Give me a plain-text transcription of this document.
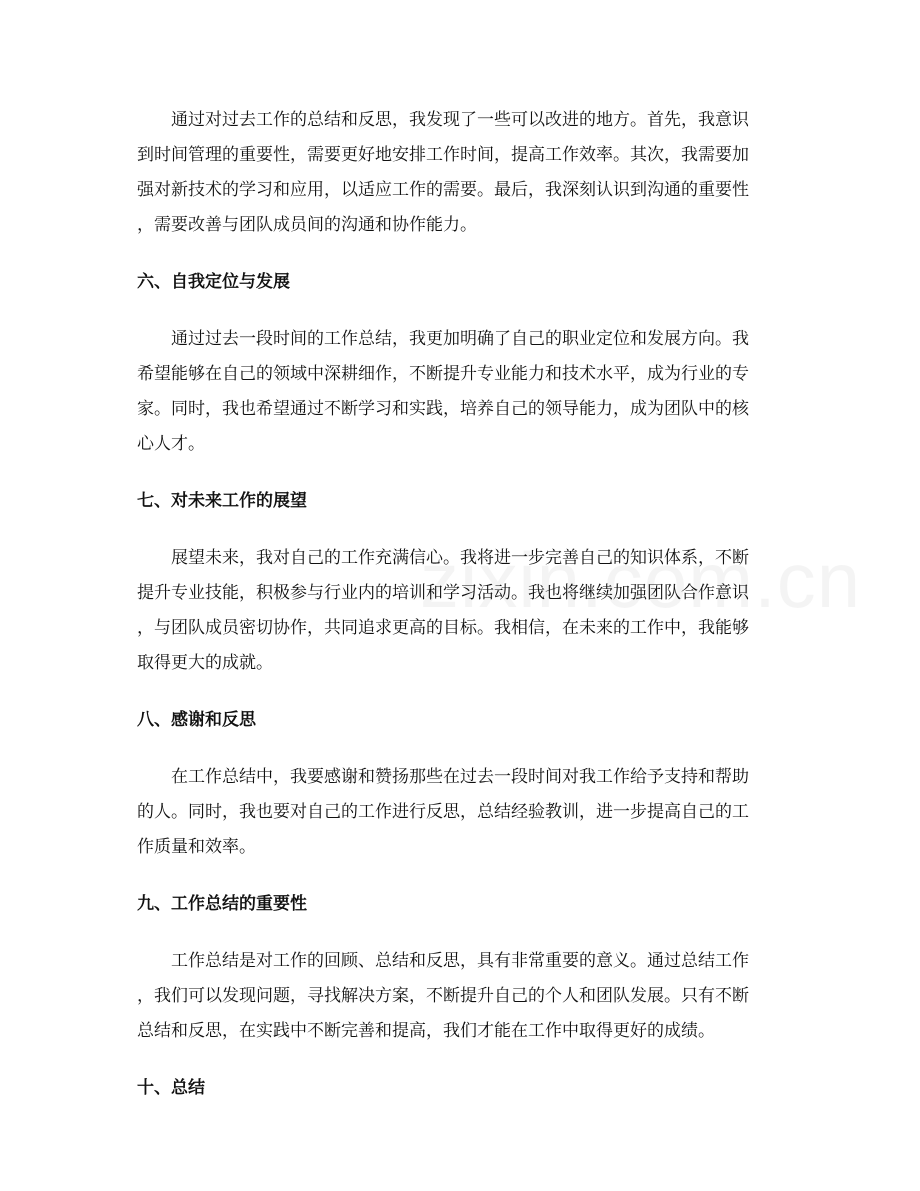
通过对过去工作的总结和反思，我发现了一些可以改进的地方。首先，我意识
到时间管理的重要性，需要更好地安排工作时间，提高工作效率。其次，我需要加
强对新技术的学习和应用，以适应工作的需要。最后，我深刻认识到沟通的重要性
，需要改善与团队成员间的沟通和协作能力。

六、自我定位与发展

通过过去一段时间的工作总结，我更加明确了自己的职业定位和发展方向。我
希望能够在自己的领域中深耕细作，不断提升专业能力和技术水平，成为行业的专
家。同时，我也希望通过不断学习和实践，培养自己的领导能力，成为团队中的核
心人才。

七、对未来工作的展望

展望未来，我对自己的工作充满信心。我将进一步完善自己的知识体系，不断
提升专业技能，积极参与行业内的培训和学习活动。我也将继续加强团队合作意识
，与团队成员密切协作，共同追求更高的目标。我相信，在未来的工作中，我能够
取得更大的成就。

八、感谢和反思

在工作总结中，我要感谢和赞扬那些在过去一段时间对我工作给予支持和帮助
的人。同时，我也要对自己的工作进行反思，总结经验教训，进一步提高自己的工
作质量和效率。

九、工作总结的重要性

工作总结是对工作的回顾、总结和反思，具有非常重要的意义。通过总结工作
，我们可以发现问题，寻找解决方案，不断提升自己的个人和团队发展。只有不断
总结和反思，在实践中不断完善和提高，我们才能在工作中取得更好的成绩。

十、总结
